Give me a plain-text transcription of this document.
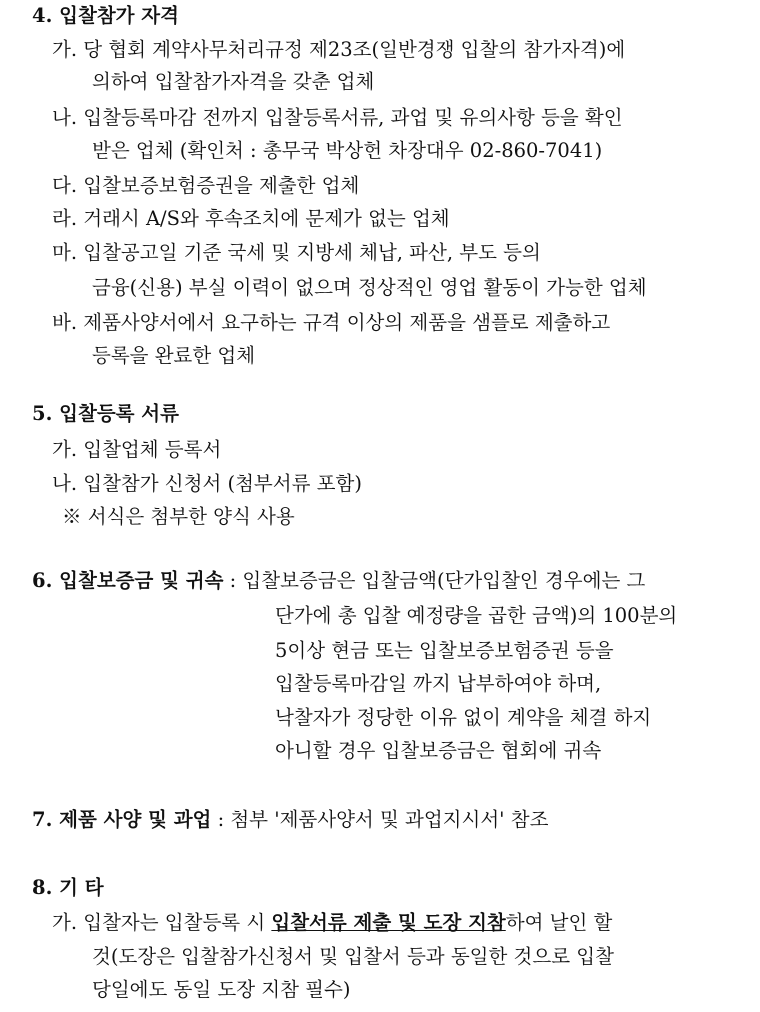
4. 입찰참가 자격
가. 당 협회 계약사무처리규정 제23조(일반경쟁 입찰의 참가자격)에
의하여 입찰참가자격을 갖춘 업체
나. 입찰등록마감 전까지 입찰등록서류, 과업 및 유의사항 등을 확인
받은 업체 (확인처 : 총무국 박상헌 차장대우 02-860-7041)
다. 입찰보증보험증권을 제출한 업체
라. 거래시 A/S와 후속조치에 문제가 없는 업체
마. 입찰공고일 기준 국세 및 지방세 체납, 파산, 부도 등의
금융(신용) 부실 이력이 없으며 정상적인 영업 활동이 가능한 업체
바. 제품사양서에서 요구하는 규격 이상의 제품을 샘플로 제출하고
등록을 완료한 업체
5. 입찰등록 서류
가. 입찰업체 등록서
나. 입찰참가 신청서 (첨부서류 포함)
※ 서식은 첨부한 양식 사용
6. 입찰보증금 및 귀속 : 입찰보증금은 입찰금액(단가입찰인 경우에는 그
단가에 총 입찰 예정량을 곱한 금액)의 100분의
5이상 현금 또는 입찰보증보험증권 등을
입찰등록마감일 까지 납부하여야 하며,
낙찰자가 정당한 이유 없이 계약을 체결 하지
아니할 경우 입찰보증금은 협회에 귀속
7. 제품 사양 및 과업 : 첨부 '제품사양서 및 과업지시서' 참조
8. 기 타
가. 입찰자는 입찰등록 시 입찰서류 제출 및 도장 지참하여 날인 할
것(도장은 입찰참가신청서 및 입찰서 등과 동일한 것으로 입찰
당일에도 동일 도장 지참 필수)
